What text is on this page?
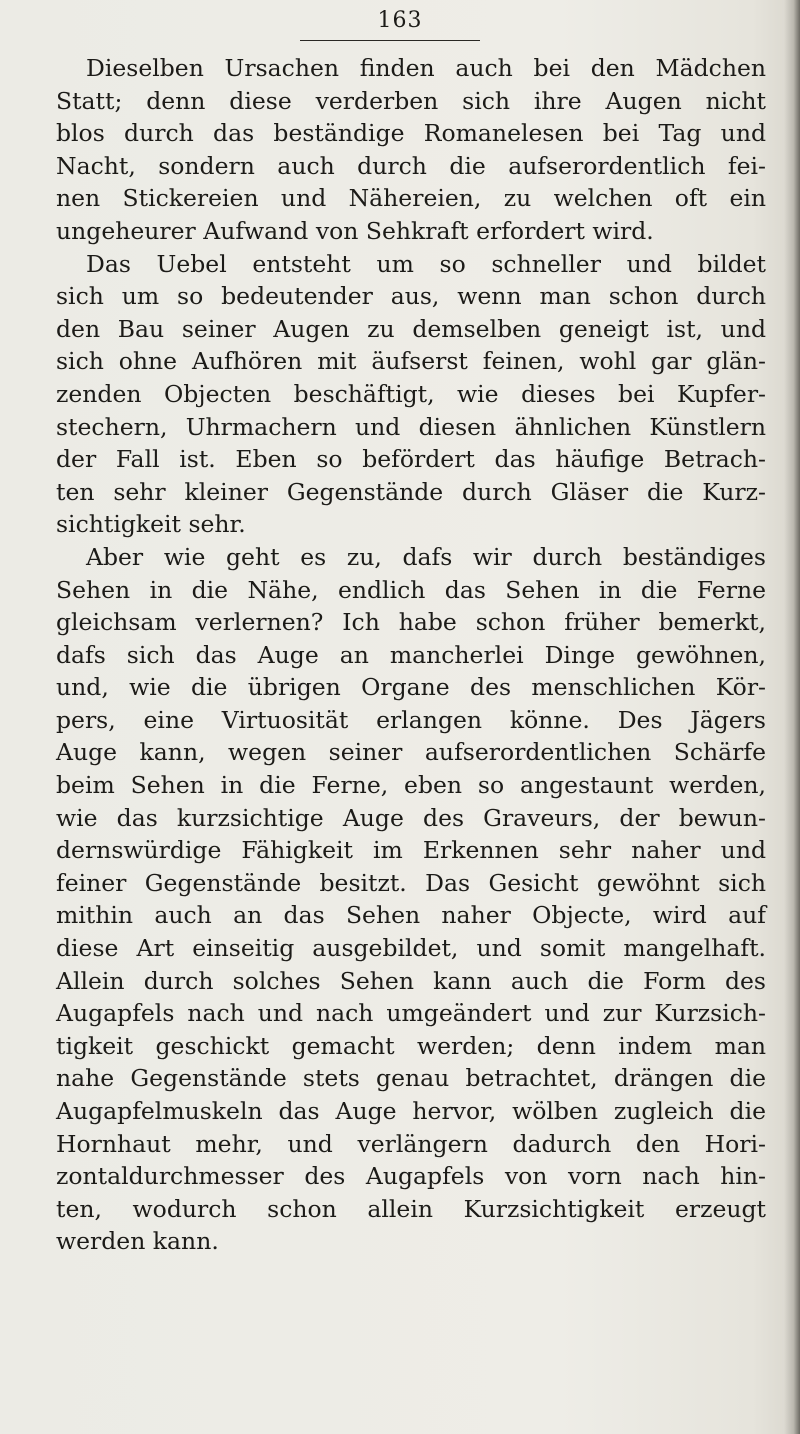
163
Dieselben Ursachen finden auch bei den Mädchen
Statt; denn diese verderben sich ihre Augen nicht
blos durch das beständige Romanelesen bei Tag und
Nacht, sondern auch durch die aufserordentlich fei-
nen Stickereien und Nähereien, zu welchen oft ein
ungeheurer Aufwand von Sehkraft erfordert wird.
Das Uebel entsteht um so schneller und bildet
sich um so bedeutender aus, wenn man schon durch
den Bau seiner Augen zu demselben geneigt ist, und
sich ohne Aufhören mit äufserst feinen, wohl gar glän-
zenden Objecten beschäftigt, wie dieses bei Kupfer-
stechern, Uhrmachern und diesen ähnlichen Künstlern
der Fall ist. Eben so befördert das häufige Betrach-
ten sehr kleiner Gegenstände durch Gläser die Kurz-
sichtigkeit sehr.
Aber wie geht es zu, dafs wir durch beständiges
Sehen in die Nähe, endlich das Sehen in die Ferne
gleichsam verlernen? Ich habe schon früher bemerkt,
dafs sich das Auge an mancherlei Dinge gewöhnen,
und, wie die übrigen Organe des menschlichen Kör-
pers, eine Virtuosität erlangen könne. Des Jägers
Auge kann, wegen seiner aufserordentlichen Schärfe
beim Sehen in die Ferne, eben so angestaunt werden,
wie das kurzsichtige Auge des Graveurs, der bewun-
dernswürdige Fähigkeit im Erkennen sehr naher und
feiner Gegenstände besitzt. Das Gesicht gewöhnt sich
mithin auch an das Sehen naher Objecte, wird auf
diese Art einseitig ausgebildet, und somit mangelhaft.
Allein durch solches Sehen kann auch die Form des
Augapfels nach und nach umgeändert und zur Kurzsich-
tigkeit geschickt gemacht werden; denn indem man
nahe Gegenstände stets genau betrachtet, drängen die
Augapfelmuskeln das Auge hervor, wölben zugleich die
Hornhaut mehr, und verlängern dadurch den Hori-
zontaldurchmesser des Augapfels von vorn nach hin-
ten, wodurch schon allein Kurzsichtigkeit erzeugt
werden kann.
